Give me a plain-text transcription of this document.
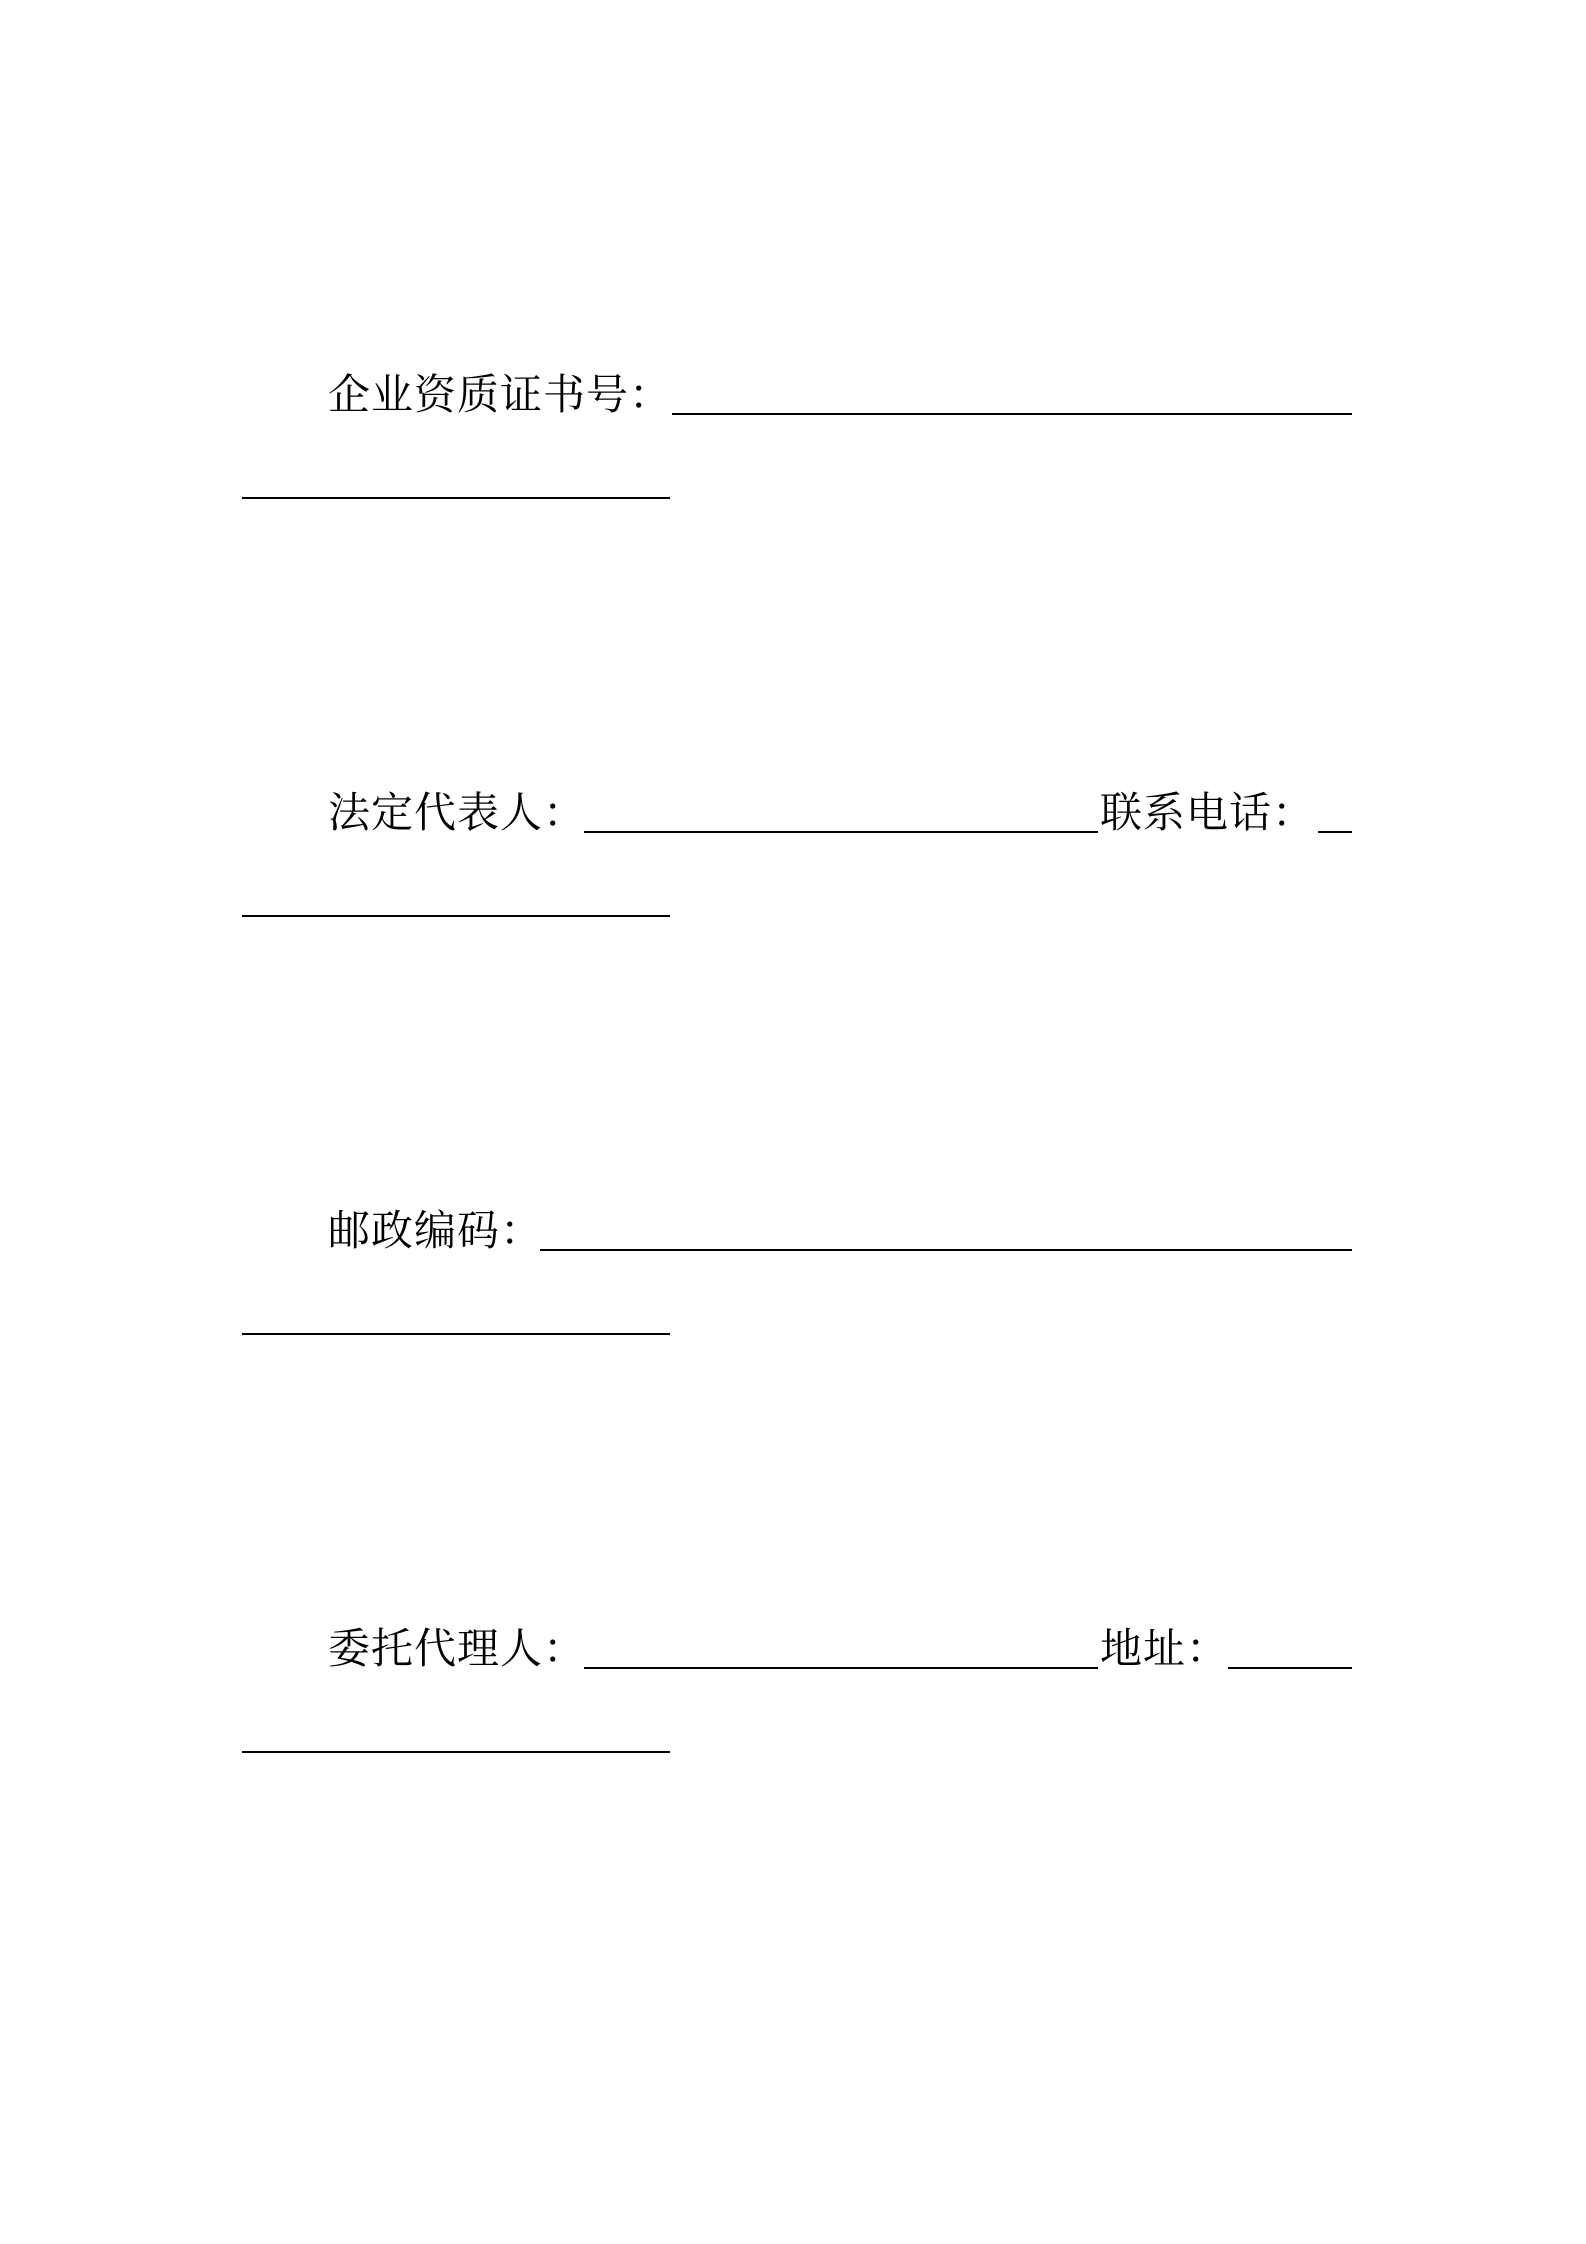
企业资质证书号：
法定代表人：	联系电话：
邮政编码：
委托代理人：	地址：
